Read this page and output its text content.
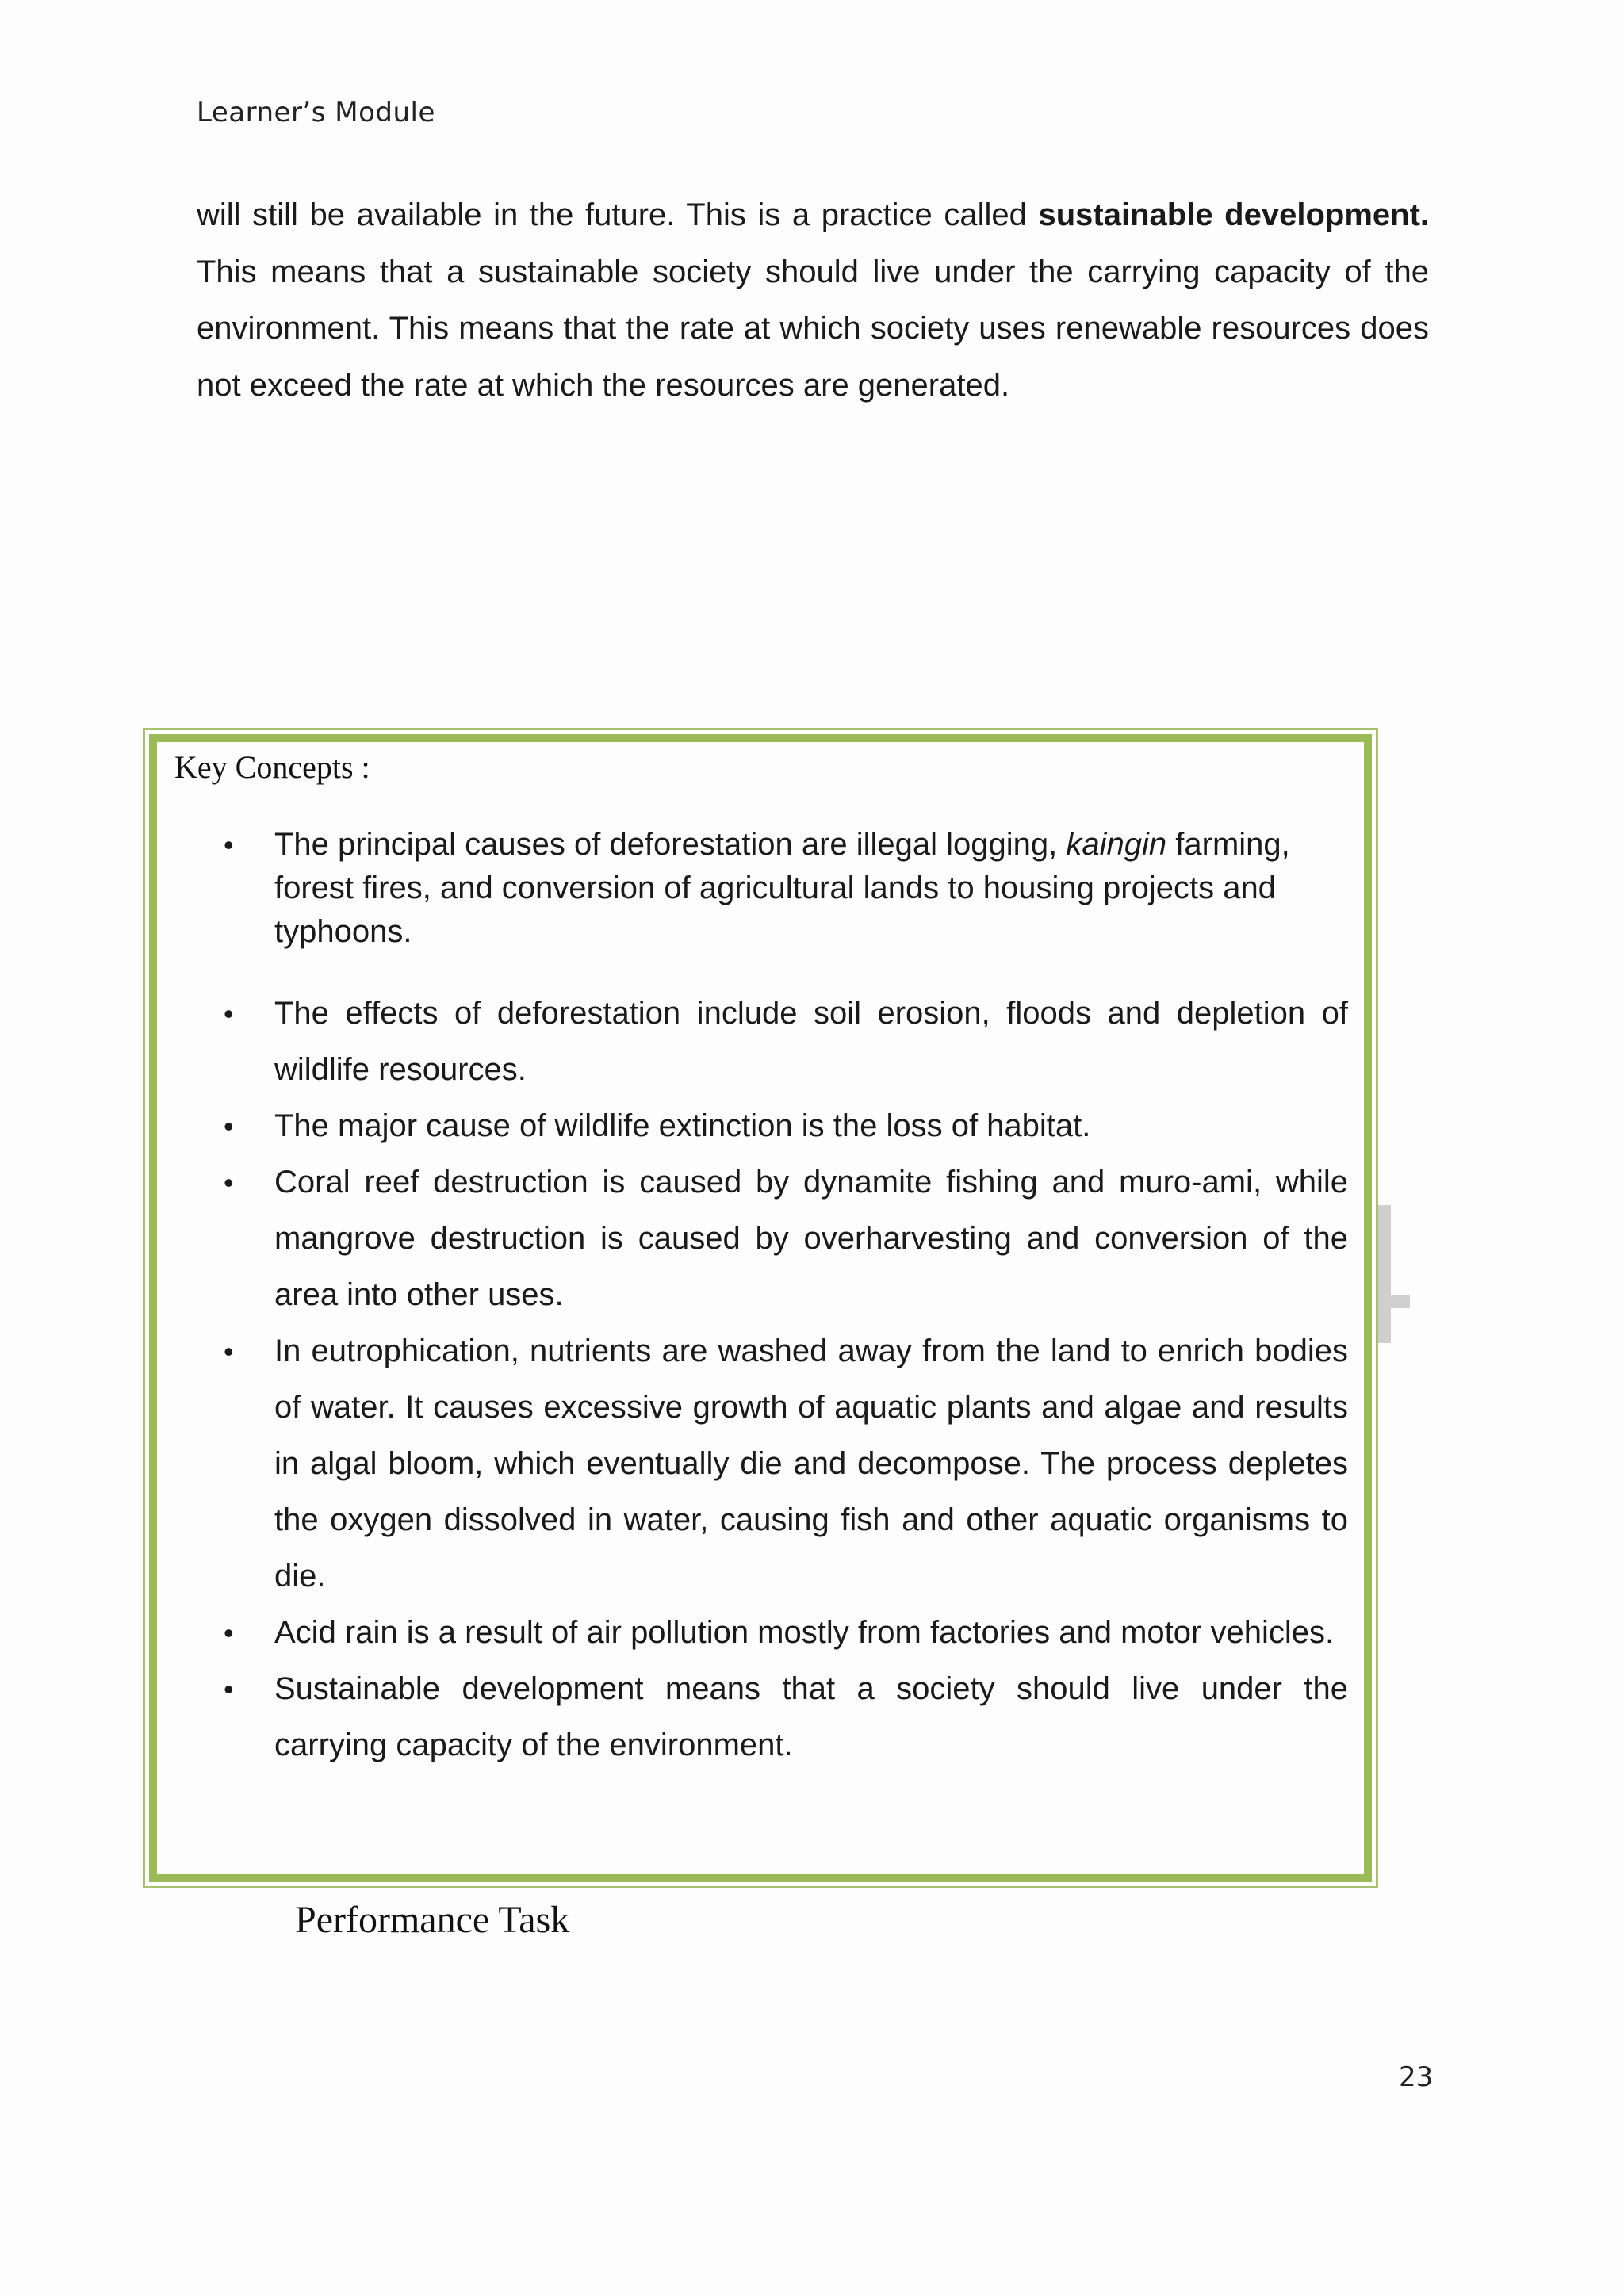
Learner’s Module

will still be available in the future. This is a practice called sustainable development. This means that a sustainable society should live under the carrying capacity of the environment. This means that the rate at which society uses renewable resources does not exceed the rate at which the resources are generated.

Key Concepts :
• The principal causes of deforestation are illegal logging, kaingin farming, forest fires, and conversion of agricultural lands to housing projects and typhoons.
• The effects of deforestation include soil erosion, floods and depletion of wildlife resources.
• The major cause of wildlife extinction is the loss of habitat.
• Coral reef destruction is caused by dynamite fishing and muro-ami, while mangrove destruction is caused by overharvesting and conversion of the area into other uses.
• In eutrophication, nutrients are washed away from the land to enrich bodies of water. It causes excessive growth of aquatic plants and algae and results in algal bloom, which eventually die and decompose. The process depletes the oxygen dissolved in water, causing fish and other aquatic organisms to die.
• Acid rain is a result of air pollution mostly from factories and motor vehicles.
• Sustainable development means that a society should live under the carrying capacity of the environment.
Performance Task
23
